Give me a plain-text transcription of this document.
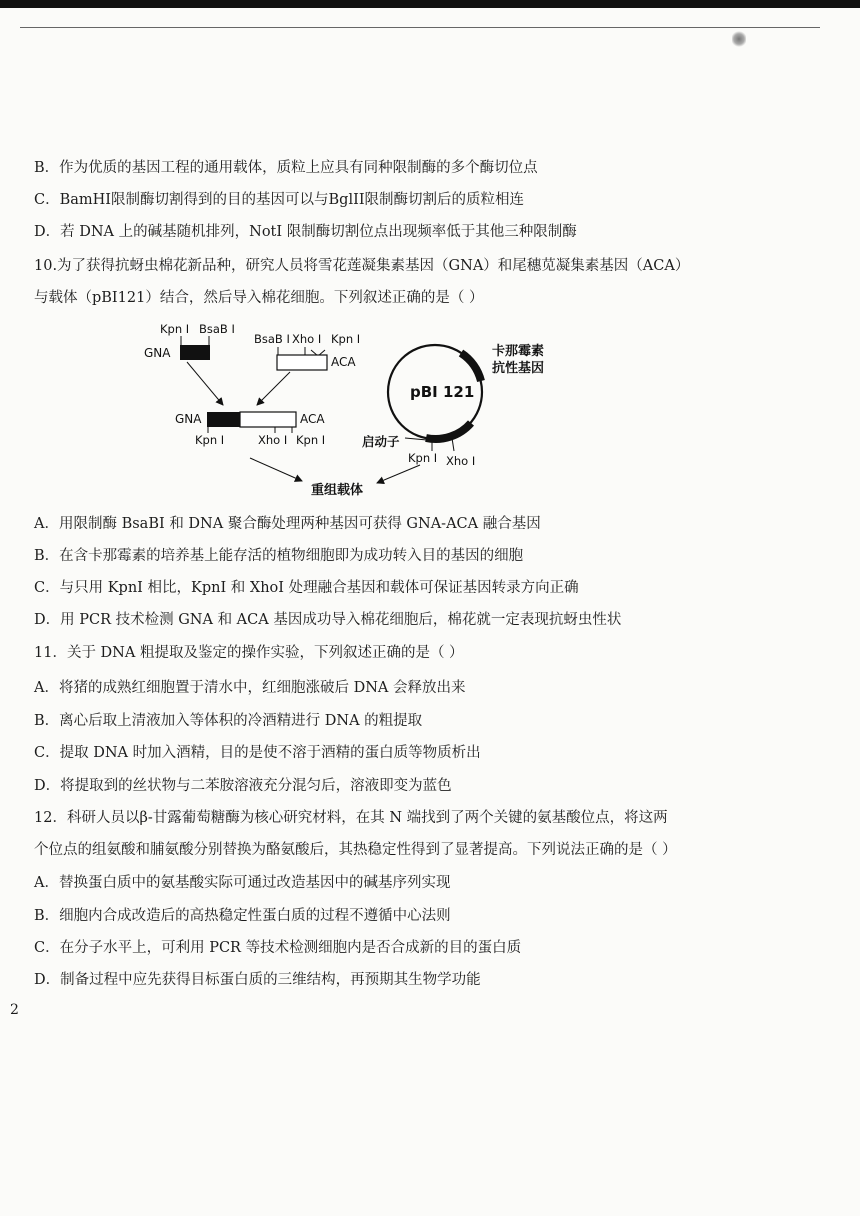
B．作为优质的基因工程的通用载体，质粒上应具有同种限制酶的多个酶切位点
C．BamHI限制酶切割得到的目的基因可以与BglII限制酶切割后的质粒相连
D．若 DNA 上的碱基随机排列，NotI 限制酶切割位点出现频率低于其他三种限制酶
10.为了获得抗蚜虫棉花新品种，研究人员将雪花莲凝集素基因（GNA）和尾穗苋凝集素基因（ACA）
与载体（pBI121）结合，然后导入棉花细胞。下列叙述正确的是（ ）
Kpn I BsaB I
GNA
BsaB I Xho I Kpn I
ACA
GNA	ACA
Kpn I	Xho I Kpn I
pBI 121
卡那霉素
抗性基因
启动子
Kpn I Xho I
重组载体
A．用限制酶 BsaBI 和 DNA 聚合酶处理两种基因可获得 GNA-ACA 融合基因
B．在含卡那霉素的培养基上能存活的植物细胞即为成功转入目的基因的细胞
C．与只用 KpnI 相比，KpnI 和 XhoI 处理融合基因和载体可保证基因转录方向正确
D．用 PCR 技术检测 GNA 和 ACA 基因成功导入棉花细胞后，棉花就一定表现抗蚜虫性状
11．关于 DNA 粗提取及鉴定的操作实验，下列叙述正确的是（ ）
A．将猪的成熟红细胞置于清水中，红细胞涨破后 DNA 会释放出来
B．离心后取上清液加入等体积的冷酒精进行 DNA 的粗提取
C．提取 DNA 时加入酒精，目的是使不溶于酒精的蛋白质等物质析出
D．将提取到的丝状物与二苯胺溶液充分混匀后，溶液即变为蓝色
12．科研人员以β-甘露葡萄糖酶为核心研究材料，在其 N 端找到了两个关键的氨基酸位点，将这两
个位点的组氨酸和脯氨酸分别替换为酪氨酸后，其热稳定性得到了显著提高。下列说法正确的是（ ）
A．替换蛋白质中的氨基酸实际可通过改造基因中的碱基序列实现
B．细胞内合成改造后的高热稳定性蛋白质的过程不遵循中心法则
C．在分子水平上，可利用 PCR 等技术检测细胞内是否合成新的目的蛋白质
D．制备过程中应先获得目标蛋白质的三维结构，再预期其生物学功能
2
